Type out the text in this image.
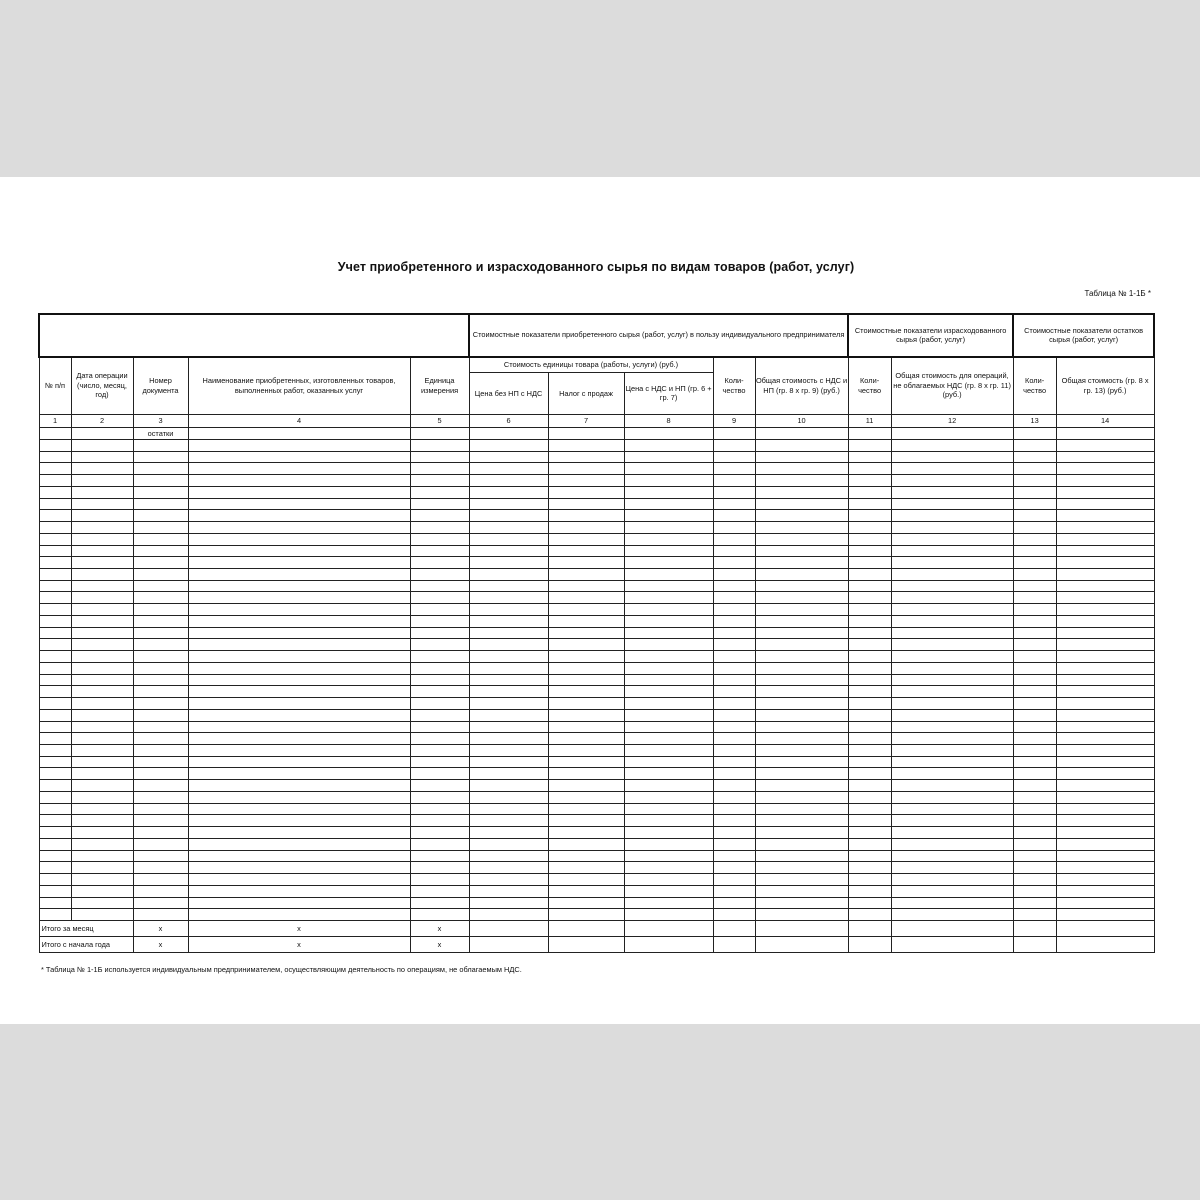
Учет приобретенного и израсходованного сырья по видам товаров (работ, услуг)
Таблица № 1-1Б *
					Стоимостные показатели приобретенного сырья (работ, услуг) в пользу индивидуального предпринимателя					Стоимостные показатели израсходованного сырья (работ, услуг)		Стоимостные показатели остатков сырья (работ, услуг)	
№ п/п	Дата операции (число, месяц, год)	Номер документа	Наименование приобретенных, изготовленных товаров, выполненных работ, оказанных услуг	Единица измерения	Стоимость единицы товара (работы, услуги) (руб.)			Коли-чество	Общая стоимость с НДС и НП (гр. 8 x гр. 9) (руб.)	Коли-чество	Общая стоимость для операций, не облагаемых НДС (гр. 8 x гр. 11) (руб.)	Коли-чество	Общая стоимость (гр. 8 x гр. 13) (руб.)
					Цена без НП с НДС	Налог с продаж	Цена с НДС и НП (гр. 6 + гр. 7)						
1	2	3	4	5	6	7	8	9	10	11	12	13	14
		остатки											

Итого за месяц		x	x	x									
Итого с начала года		x	x	x									
* Таблица № 1-1Б используется индивидуальным предпринимателем, осуществляющим деятельность по операциям, не облагаемым НДС.
